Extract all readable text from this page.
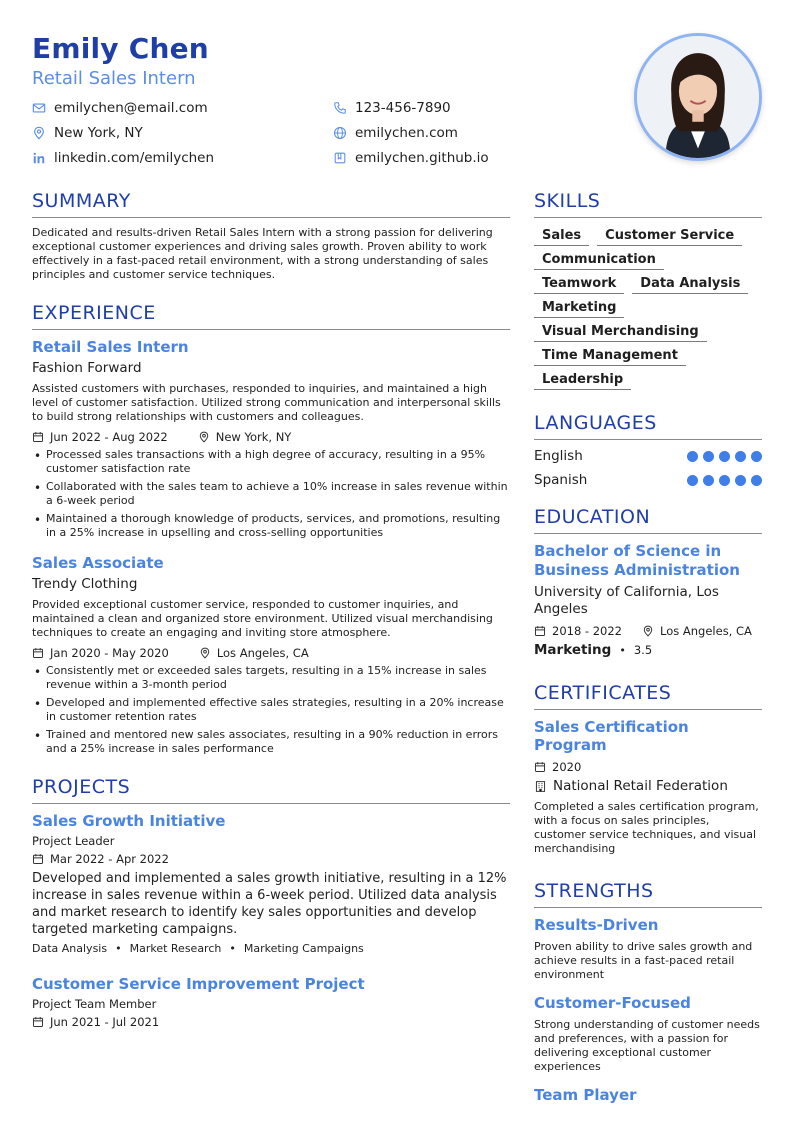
Emily Chen
Retail Sales Intern
emilychen@email.com	123-456-7890
New York, NY	emilychen.com
linkedin.com/emilychen	emilychen.github.io
SUMMARY

Dedicated and results-driven Retail Sales Intern with a strong passion for delivering exceptional customer experiences and driving sales growth. Proven ability to work effectively in a fast-paced retail environment, with a strong understanding of sales principles and customer service techniques.

EXPERIENCE
Retail Sales Intern
Fashion Forward

Assisted customers with purchases, responded to inquiries, and maintained a high level of customer satisfaction. Utilized strong communication and interpersonal skills to build strong relationships with customers and colleagues.

Jun 2022 - Aug 2022	New York, NY
• Processed sales transactions with a high degree of accuracy, resulting in a 95% customer satisfaction rate
• Collaborated with the sales team to achieve a 10% increase in sales revenue within a 6-week period
• Maintained a thorough knowledge of products, services, and promotions, resulting in a 25% increase in upselling and cross-selling opportunities
Sales Associate
Trendy Clothing

Provided exceptional customer service, responded to customer inquiries, and maintained a clean and organized store environment. Utilized visual merchandising techniques to create an engaging and inviting store atmosphere.

Jan 2020 - May 2020	Los Angeles, CA
• Consistently met or exceeded sales targets, resulting in a 15% increase in sales revenue within a 3-month period
• Developed and implemented effective sales strategies, resulting in a 20% increase in customer retention rates
• Trained and mentored new sales associates, resulting in a 90% reduction in errors and a 25% increase in sales performance
PROJECTS
Sales Growth Initiative
Project Leader
Mar 2022 - Apr 2022

Developed and implemented a sales growth initiative, resulting in a 12% increase in sales revenue within a 6-week period. Utilized data analysis and market research to identify key sales opportunities and develop targeted marketing campaigns.

Data Analysis • Market Research • Marketing Campaigns
Customer Service Improvement Project
Project Team Member
Jun 2021 - Jul 2021
SKILLS
Sales	Customer Service
Communication
Teamwork	Data Analysis
Marketing
Visual Merchandising
Time Management
Leadership
LANGUAGES
English
Spanish
EDUCATION
Bachelor of Science in Business Administration
University of California, Los Angeles
2018 - 2022	Los Angeles, CA
Marketing • 3.5
CERTIFICATES
Sales Certification Program
2020
National Retail Federation

Completed a sales certification program, with a focus on sales principles, customer service techniques, and visual merchandising

STRENGTHS
Results-Driven

Proven ability to drive sales growth and achieve results in a fast-paced retail environment

Customer-Focused

Strong understanding of customer needs and preferences, with a passion for delivering exceptional customer experiences

Team Player
